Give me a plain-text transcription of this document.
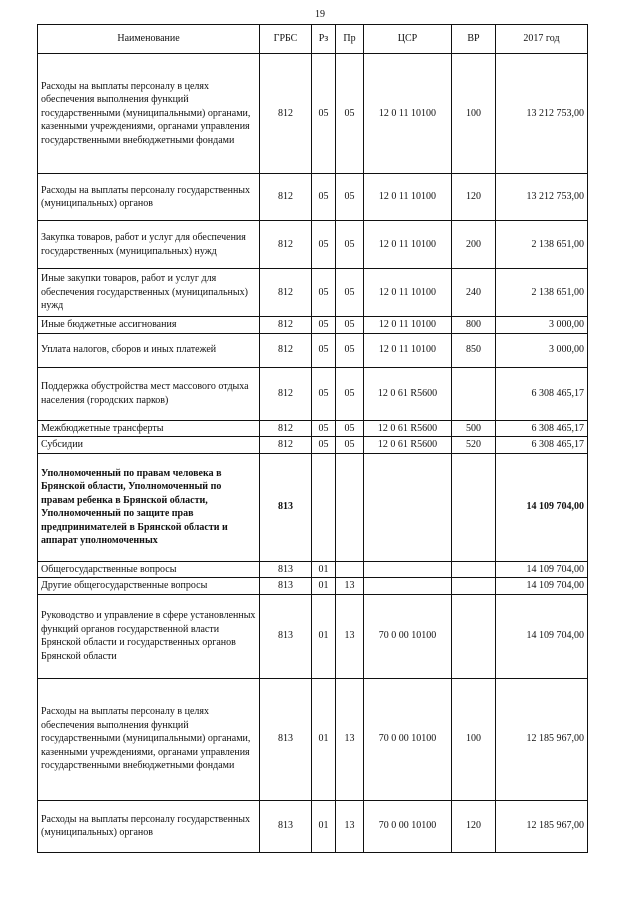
19
Наименование	ГРБС	Рз	Пр	ЦСР	ВР	2017 год
Расходы на выплаты персоналу в целях обеспечения выполнения функций государственными (муниципальными) органами, казенными учреждениями, органами управления государственными внебюджетными фондами	812	05	05	12 0 11 10100	100	13 212 753,00
Расходы на выплаты персоналу государственных (муниципальных) органов	812	05	05	12 0 11 10100	120	13 212 753,00
Закупка товаров, работ и услуг для обеспечения государственных (муниципальных) нужд	812	05	05	12 0 11 10100	200	2 138 651,00
Иные закупки товаров, работ и услуг для обеспечения государственных (муниципальных) нужд	812	05	05	12 0 11 10100	240	2 138 651,00
Иные бюджетные ассигнования	812	05	05	12 0 11 10100	800	3 000,00
Уплата налогов, сборов и иных платежей	812	05	05	12 0 11 10100	850	3 000,00
Поддержка обустройства мест массового отдыха населения (городских парков)	812	05	05	12 0 61 R5600		6 308 465,17
Межбюджетные трансферты	812	05	05	12 0 61 R5600	500	6 308 465,17
Субсидии	812	05	05	12 0 61 R5600	520	6 308 465,17
Уполномоченный по правам человека в Брянской области, Уполномоченный по правам ребенка в Брянской области, Уполномоченный по защите прав предпринимателей в Брянской области и аппарат уполномоченных	813					14 109 704,00
Общегосударственные вопросы	813	01				14 109 704,00
Другие общегосударственные вопросы	813	01	13			14 109 704,00
Руководство и управление в сфере установленных функций органов государственной власти Брянской области и государственных органов Брянской области	813	01	13	70 0 00 10100		14 109 704,00
Расходы на выплаты персоналу в целях обеспечения выполнения функций государственными (муниципальными) органами, казенными учреждениями, органами управления государственными внебюджетными фондами	813	01	13	70 0 00 10100	100	12 185 967,00
Расходы на выплаты персоналу государственных (муниципальных) органов	813	01	13	70 0 00 10100	120	12 185 967,00
